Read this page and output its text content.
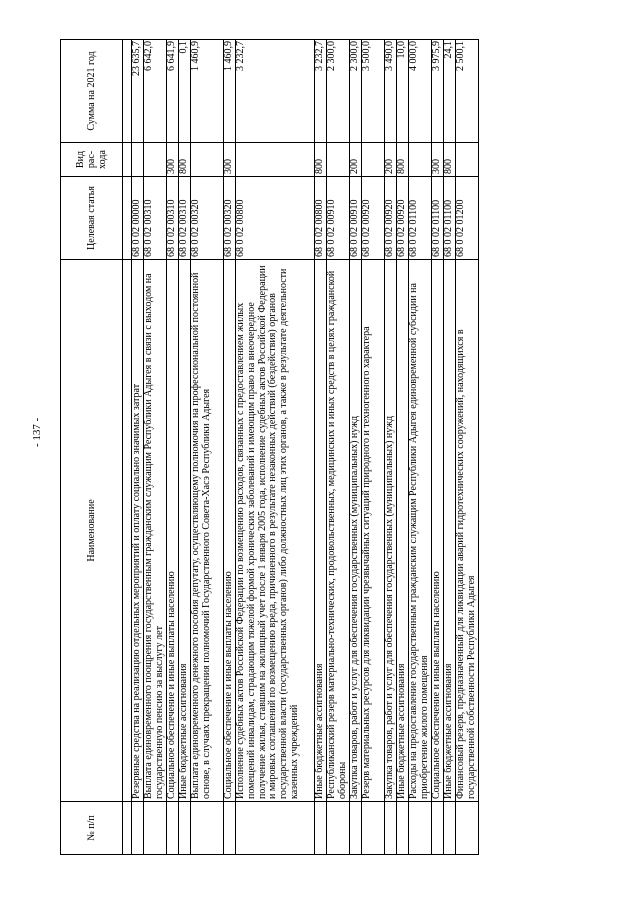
- 137 -
№ п/п	Наименование	Целевая статья	Вид рас-хода	Сумма на 2021 год

	Резервные средства на реализацию отдельных мероприятий и оплату социально значимых затрат	68 0 02 00000		23 635,7
	Выплата единовременного поощрения государственным гражданским служащим Республики Адыгея в связи с выходом на государственную пенсию за выслугу лет	68 0 02 00310		6 642,0
	Социальное обеспечение и иные выплаты населению	68 0 02 00310	300	6 641,9
	Иные бюджетные ассигнования	68 0 02 00310	800	0,1
	Выплата единовременного денежного пособия депутату, осуществляющему полномочия на профессиональной постоянной основе, в случаях прекращения полномочий Государственного Совета-Хасэ Республики Адыгея	68 0 02 00320		1 460,9
	Социальное обеспечение и иные выплаты населению	68 0 02 00320	300	1 460,9
	Исполнение судебных актов Российской Федерации по возмещению расходов, связанных с предоставлением жилых помещений инвалидам, страдающим тяжелой формой хронических заболеваний и имеющим право на внеочередное получение жилья, ставшим на жилищный учет после 1 января 2005 года, исполнение судебных актов Российской Федерации и мировых соглашений по возмещению вреда, причиненного в результате незаконных действий (бездействия) органов государственной власти (государственных органов) либо должностных лиц этих органов, а также в результате деятельности казенных учреждений	68 0 02 00800		3 232,7
	Иные бюджетные ассигнования	68 0 02 00800	800	3 232,7
	Республиканский резерв материально-технических, продовольственных, медицинских и иных средств в целях гражданской обороны	68 0 02 00910		2 300,0
	Закупка товаров, работ и услуг для обеспечения государственных (муниципальных) нужд	68 0 02 00910	200	2 300,0
	Резерв материальных ресурсов для ликвидации чрезвычайных ситуаций природного и техногенного характера	68 0 02 00920		3 500,0
	Закупка товаров, работ и услуг для обеспечения государственных (муниципальных) нужд	68 0 02 00920	200	3 490,0
	Иные бюджетные ассигнования	68 0 02 00920	800	10,0
	Расходы на предоставление государственным гражданским служащим Республики Адыгея единовременной субсидии на приобретение жилого помещения	68 0 02 01100		4 000,0
	Социальное обеспечение и иные выплаты населению	68 0 02 01100	300	3 975,9
	Иные бюджетные ассигнования	68 0 02 01100	800	24,1
	Финансовый резерв, предназначенный для ликвидации аварий гидротехнических сооружений, находящихся в государственной собственности Республики Адыгея	68 0 02 01200		2 500,1
